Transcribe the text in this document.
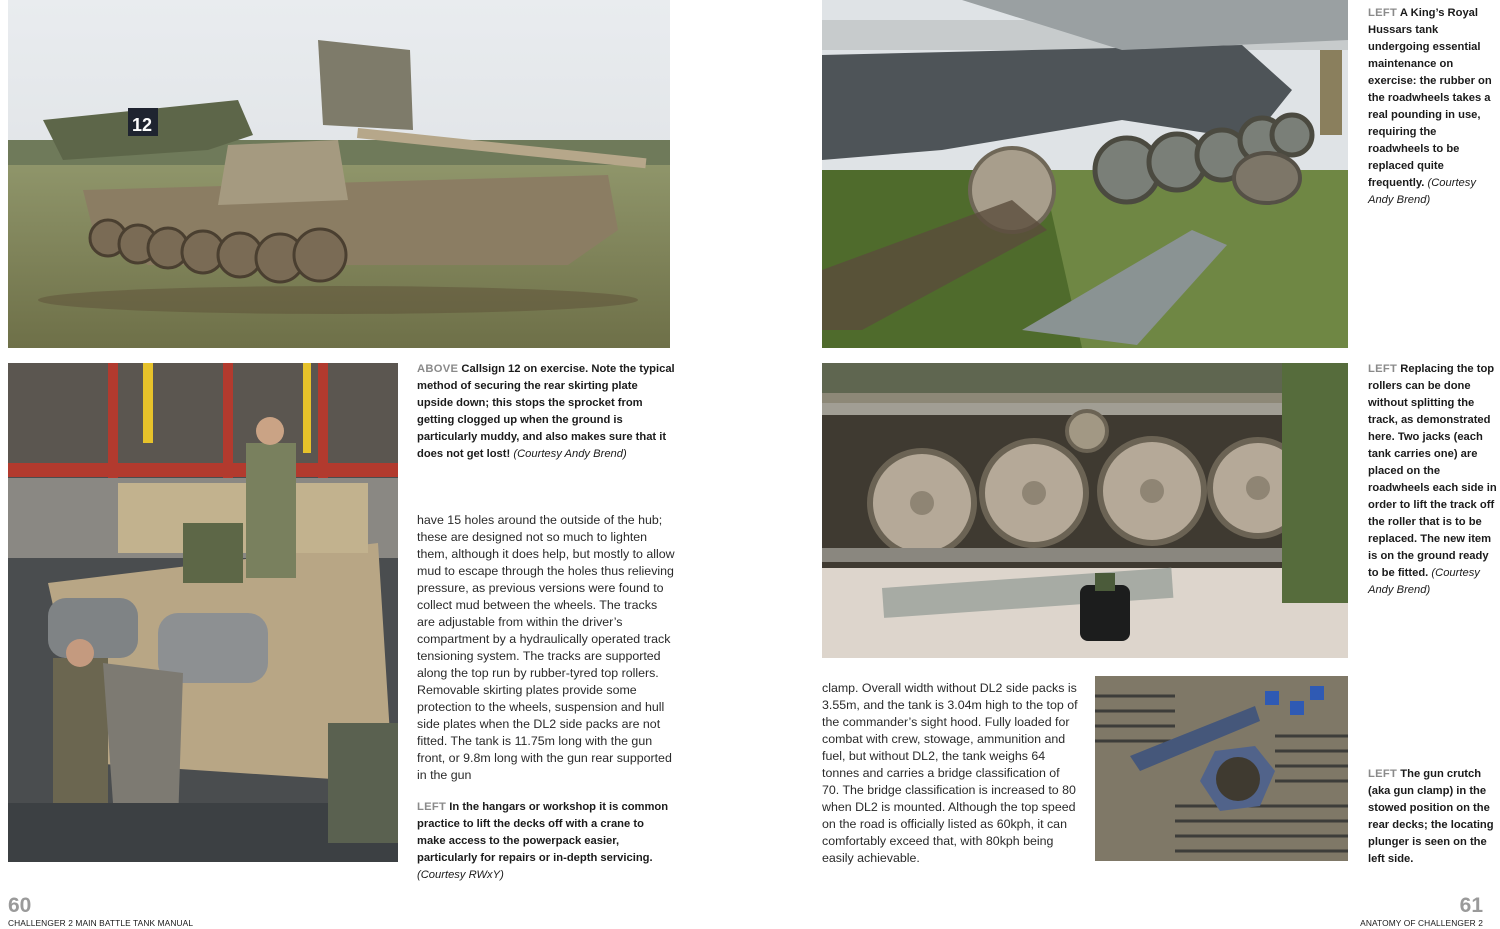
12
ABOVE Callsign 12 on exercise. Note the typical method of securing the rear skirting plate upside down; this stops the sprocket from getting clogged up when the ground is particularly muddy, and also makes sure that it does not get lost! (Courtesy Andy Brend)
have 15 holes around the outside of the hub; these are designed not so much to lighten them, although it does help, but mostly to allow mud to escape through the holes thus relieving pressure, as previous versions were found to collect mud between the wheels. The tracks are adjustable from within the driver’s compartment by a hydraulically operated track tensioning system. The tracks are supported along the top run by rubber-tyred top rollers. Removable skirting plates provide some protection to the wheels, suspension and hull side plates when the DL2 side packs are not fitted. The tank is 11.75m long with the gun front, or 9.8m long with the gun rear supported in the gun
LEFT In the hangars or workshop it is common practice to lift the decks off with a crane to make access to the powerpack easier, particularly for repairs or in-depth servicing. (Courtesy RWxY)
60
CHALLENGER 2 MAIN BATTLE TANK MANUAL
LEFT A King’s Royal Hussars tank undergoing essential maintenance on exercise: the rubber on the roadwheels takes a real pounding in use, requiring the roadwheels to be replaced quite frequently. (Courtesy Andy Brend)
LEFT Replacing the top rollers can be done without splitting the track, as demonstrated here. Two jacks (each tank carries one) are placed on the roadwheels each side in order to lift the track off the roller that is to be replaced. The new item is on the ground ready to be fitted. (Courtesy Andy Brend)
clamp. Overall width without DL2 side packs is 3.55m, and the tank is 3.04m high to the top of the commander’s sight hood. Fully loaded for combat with crew, stowage, ammunition and fuel, but without DL2, the tank weighs 64 tonnes and carries a bridge classification of 70. The bridge classification is increased to 80 when DL2 is mounted. Although the top speed on the road is officially listed as 60kph, it can comfortably exceed that, with 80kph being easily achievable.
LEFT The gun crutch (aka gun clamp) in the stowed position on the rear decks; the locating plunger is seen on the left side.
61
ANATOMY OF CHALLENGER 2
